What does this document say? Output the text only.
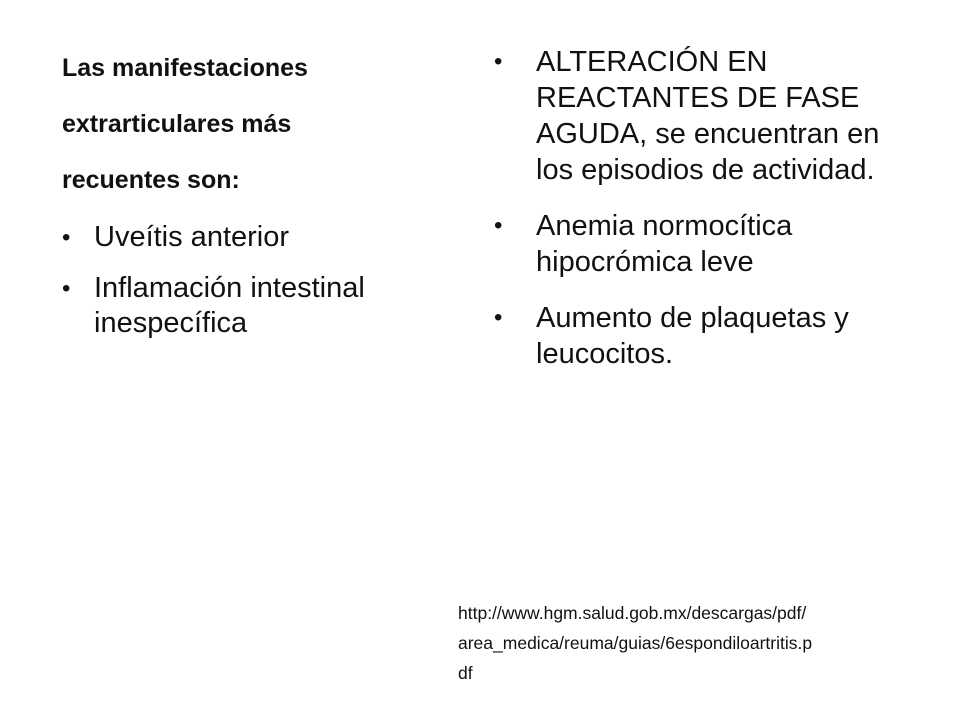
Las manifestaciones

extrarticulares más

recuentes son:

• Uveítis anterior
• Inflamación intestinal inespecífica
• ALTERACIÓN EN REACTANTES DE FASE AGUDA, se encuentran en los episodios de actividad.
• Anemia normocítica hipocrómica leve
• Aumento de plaquetas y leucocitos.

http://www.hgm.salud.gob.mx/descargas/pdf/
area_medica/reuma/guias/6espondiloartritis.p
df
